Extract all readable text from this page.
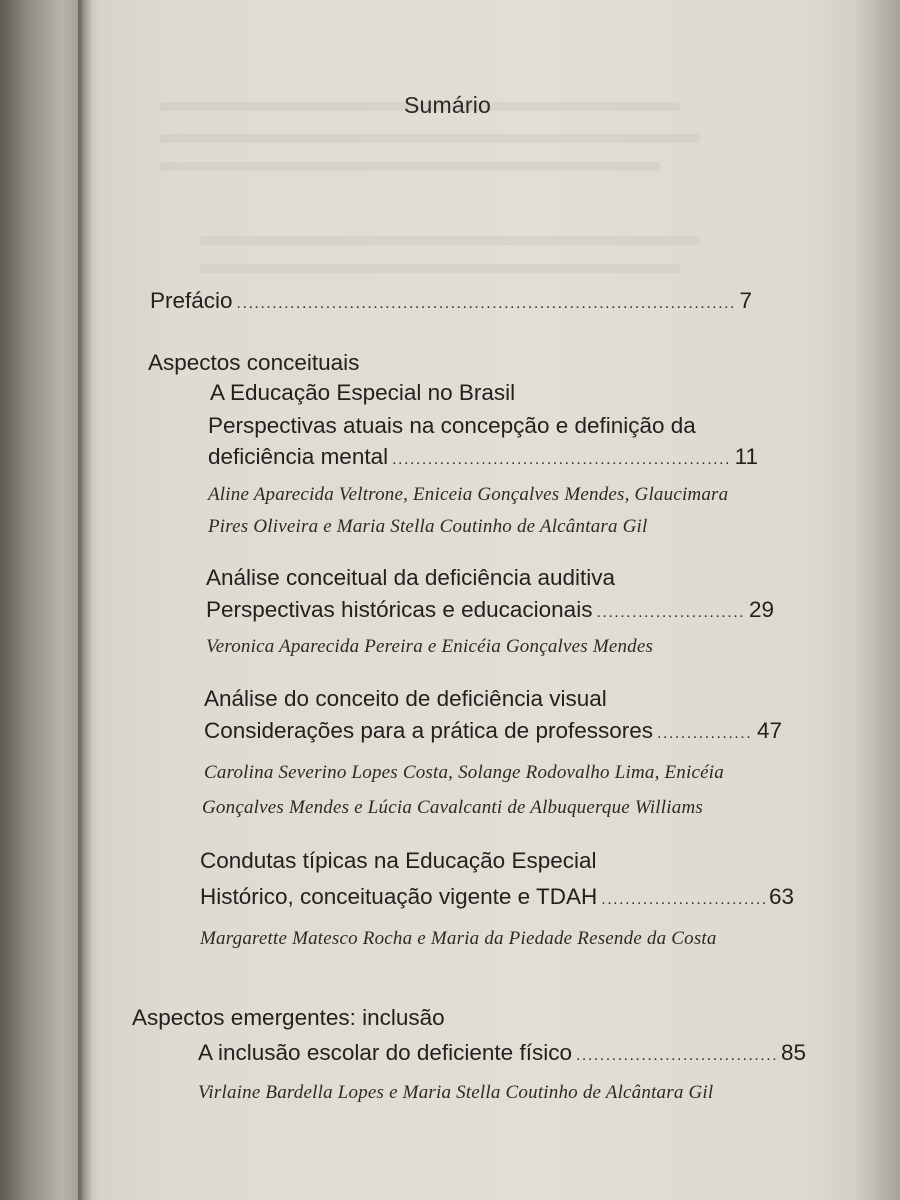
Sumário
Prefácio .....	7
Aspectos conceituais
A Educação Especial no Brasil
Perspectivas atuais na concepção e definição da
deficiência mental .....	11
Aline Aparecida Veltrone, Eniceia Gonçalves Mendes, Glaucimara
Pires Oliveira e Maria Stella Coutinho de Alcântara Gil
Análise conceitual da deficiência auditiva
Perspectivas históricas e educacionais .....	29
Veronica Aparecida Pereira e Enicéia Gonçalves Mendes
Análise do conceito de deficiência visual
Considerações para a prática de professores .....	47
Carolina Severino Lopes Costa, Solange Rodovalho Lima, Enicéia
Gonçalves Mendes e Lúcia Cavalcanti de Albuquerque Williams
Condutas típicas na Educação Especial
Histórico, conceituação vigente e TDAH .....	63
Margarette Matesco Rocha e Maria da Piedade Resende da Costa
Aspectos emergentes: inclusão
A inclusão escolar do deficiente físico .....	85
Virlaine Bardella Lopes e Maria Stella Coutinho de Alcântara Gil
